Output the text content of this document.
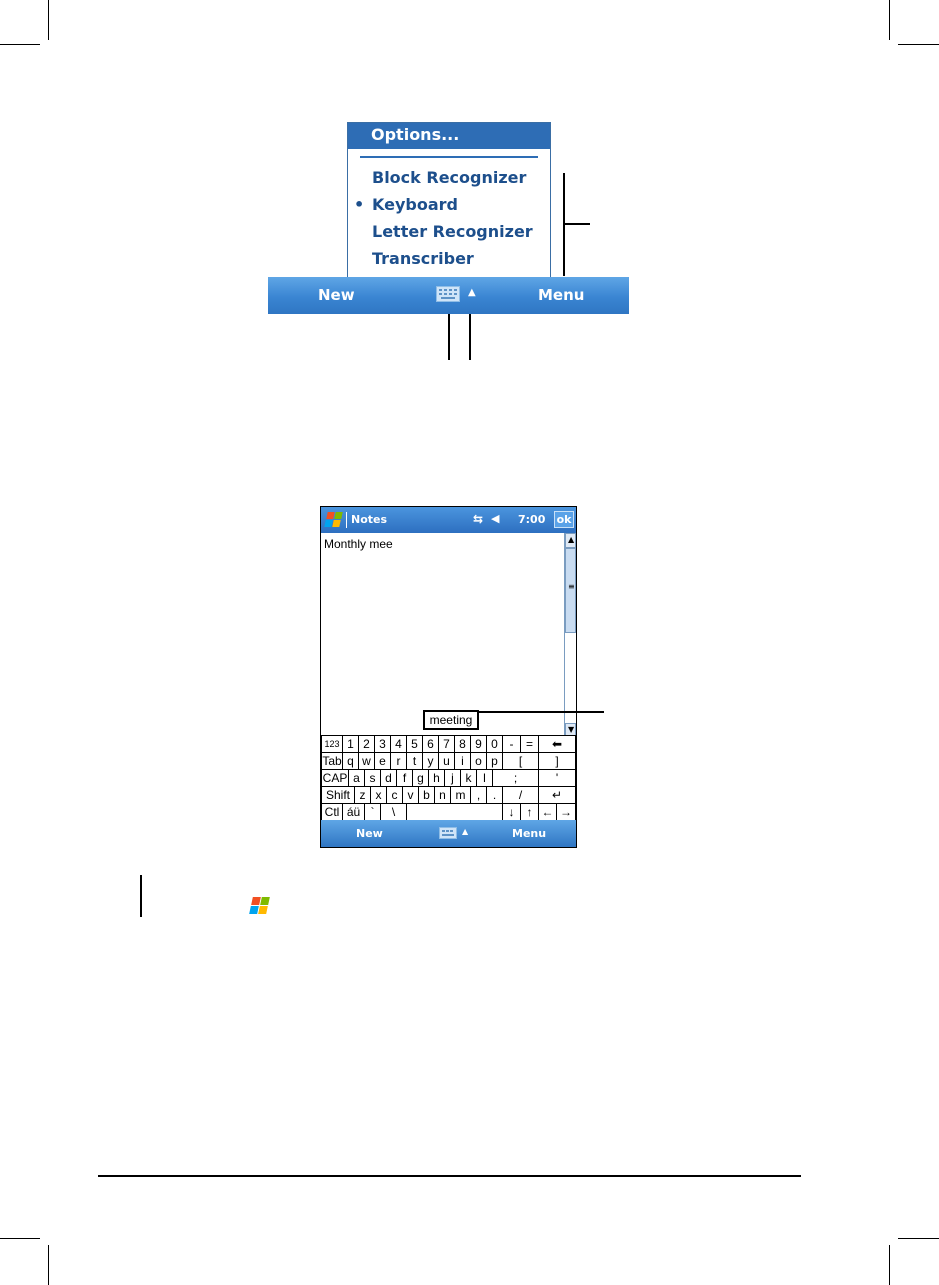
Options...
Block Recognizer
• Keyboard
Letter Recognizer
Transcriber
New	▲	Menu
Notes	⇆ ◀︎ 7:00 ok
Monthly mee	▲
≡
▼
meeting
123 1 2 3 4 5 6 7 8 9 0 -	=	⬅
Tab q w e r	t y u i o p	[	]
CAP a s d f g h j k l	;	'
Shift z x c v b n m ,	.	/	↵
Ctl áü `	\	↓	↑ ← →
New	▲	Menu
